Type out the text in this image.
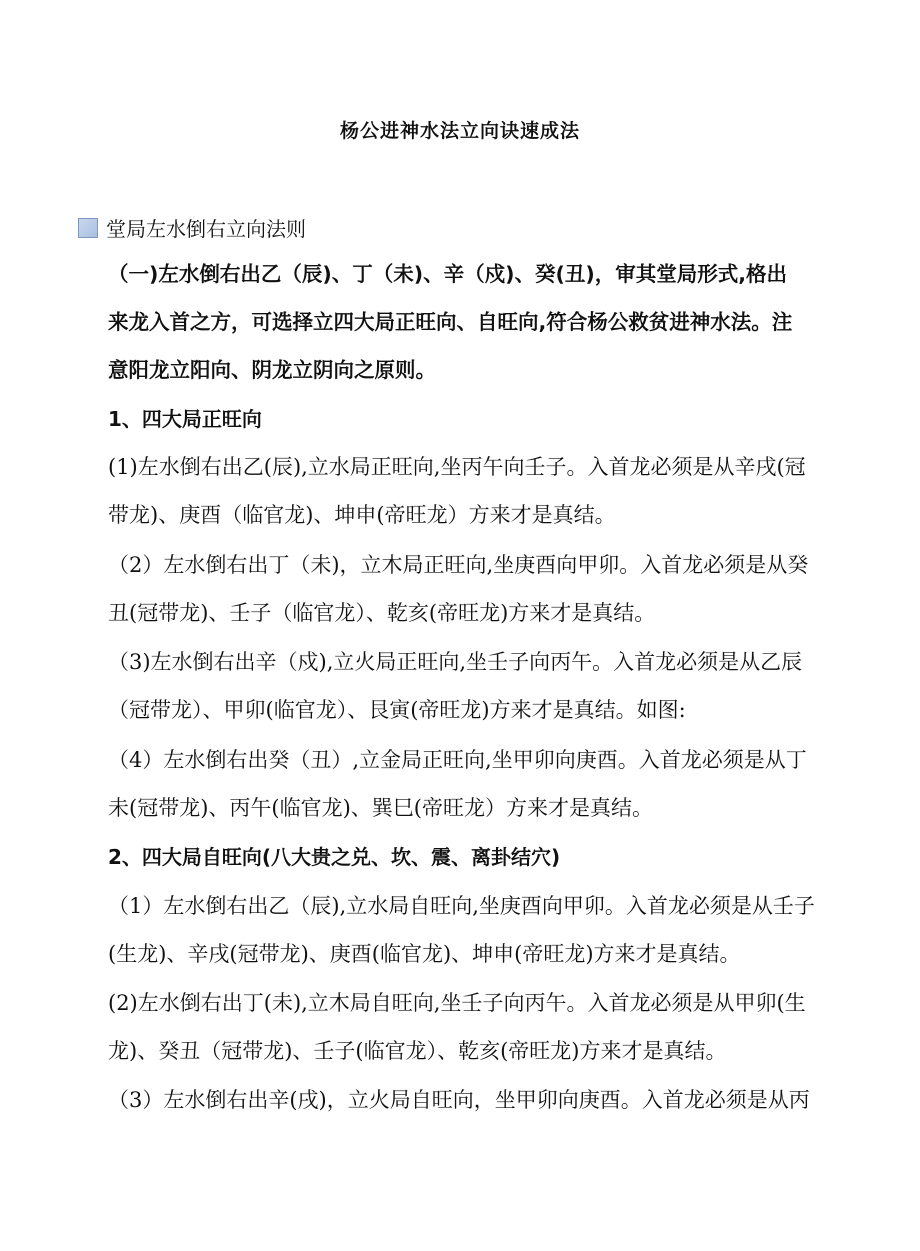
杨公进神水法立向诀速成法
堂局左水倒右立向法则
（一)左水倒右出乙（辰)、丁（未)、辛（戍)、癸(丑)，审其堂局形式,格出
来龙入首之方，可选择立四大局正旺向、自旺向,符合杨公救贫进神水法。注
意阳龙立阳向、阴龙立阴向之原则。
1、四大局正旺向
(1)左水倒右出乙(辰),立水局正旺向,坐丙午向壬子。入首龙必须是从辛戌(冠
带龙)、庚酉（临官龙)、坤申(帝旺龙）方来才是真结。
（2）左水倒右出丁（未)，立木局正旺向,坐庚酉向甲卯。入首龙必须是从癸
丑(冠带龙)、壬子（临官龙）、乾亥(帝旺龙)方来才是真结。
（3)左水倒右出辛（戍),立火局正旺向,坐壬子向丙午。入首龙必须是从乙辰
（冠带龙）、甲卯(临官龙）、艮寅(帝旺龙)方来才是真结。如图:
（4）左水倒右出癸（丑）,立金局正旺向,坐甲卯向庚酉。入首龙必须是从丁
未(冠带龙)、丙午(临官龙)、巽巳(帝旺龙）方来才是真结。
2、四大局自旺向(八大贵之兑、坎、震、离卦结穴)
（1）左水倒右出乙（辰),立水局自旺向,坐庚酉向甲卯。入首龙必须是从壬子
(生龙)、辛戌(冠带龙)、庚酉(临官龙)、坤申(帝旺龙)方来才是真结。
(2)左水倒右出丁(未),立木局自旺向,坐壬子向丙午。入首龙必须是从甲卯(生
龙)、癸丑（冠带龙)、壬子(临官龙）、乾亥(帝旺龙)方来才是真结。
（3）左水倒右出辛(戌)，立火局自旺向，坐甲卯向庚酉。入首龙必须是从丙
